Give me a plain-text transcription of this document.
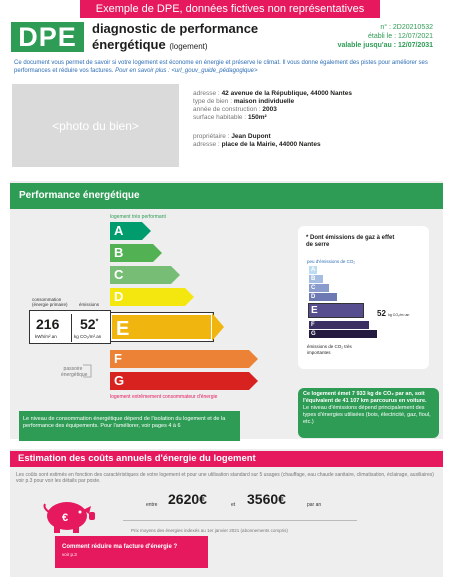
Exemple de DPE, données fictives non représentatives
DPE	diagnostic de performance
énergétique (logement)
n° : 2D20210532
établi le : 12/07/2021
valable jusqu'au : 12/07/2031
Ce document vous permet de savoir si votre logement est économe en énergie et préserve le climat. Il vous donne également des pistes pour améliorer ses performances et réduire vos factures. Pour en savoir plus : <url_gouv_guide_pédagogique>
<photo du bien>
adresse : 42 avenue de la République, 44000 Nantes
type de bien : maison individuelle
année de construction : 2003
surface habitable : 150m²
propriétaire : Jean Dupont
adresse : place de la Mairie, 44000 Nantes
Performance énergétique
logement très performant
A
B
C
D
E
F
G
logement extrêmement consommateur d'énergie
consommation
(énergie primaire)	émissions
216
kWh/m².an
52*
kg CO₂/m².an
passoire énergétique
* Dont émissions de gaz à effet de serre
peu d'émissions de CO₂
A
B
C
D
E
F
G
émissions de CO₂ très importantes
52 kg CO₂/m².an
Le niveau de consommation énergétique dépend de l'isolation du logement et de la performance des équipements. Pour l'améliorer, voir pages 4 à 6
Ce logement émet 7 933 kg de CO₂ par an, soit l'équivalent de 41 107 km parcourus en voiture. Le niveau d'émissions dépend principalement des types d'énergies utilisées (bois, électricité, gaz, fioul, etc.)
Estimation des coûts annuels d'énergie du logement
Les coûts sont estimés en fonction des caractéristiques de votre logement et pour une utilisation standard sur 5 usages (chauffage, eau chaude sanitaire, climatisation, éclairage, auxiliaires) voir p.3 pour voir les détails par poste.
€
entre 2620€	et 3560€	par an
Prix moyens des énergies indexés au 1er janvier 2021 (abonnements compris)
Comment réduire ma facture d'énergie ?
voir p.3
